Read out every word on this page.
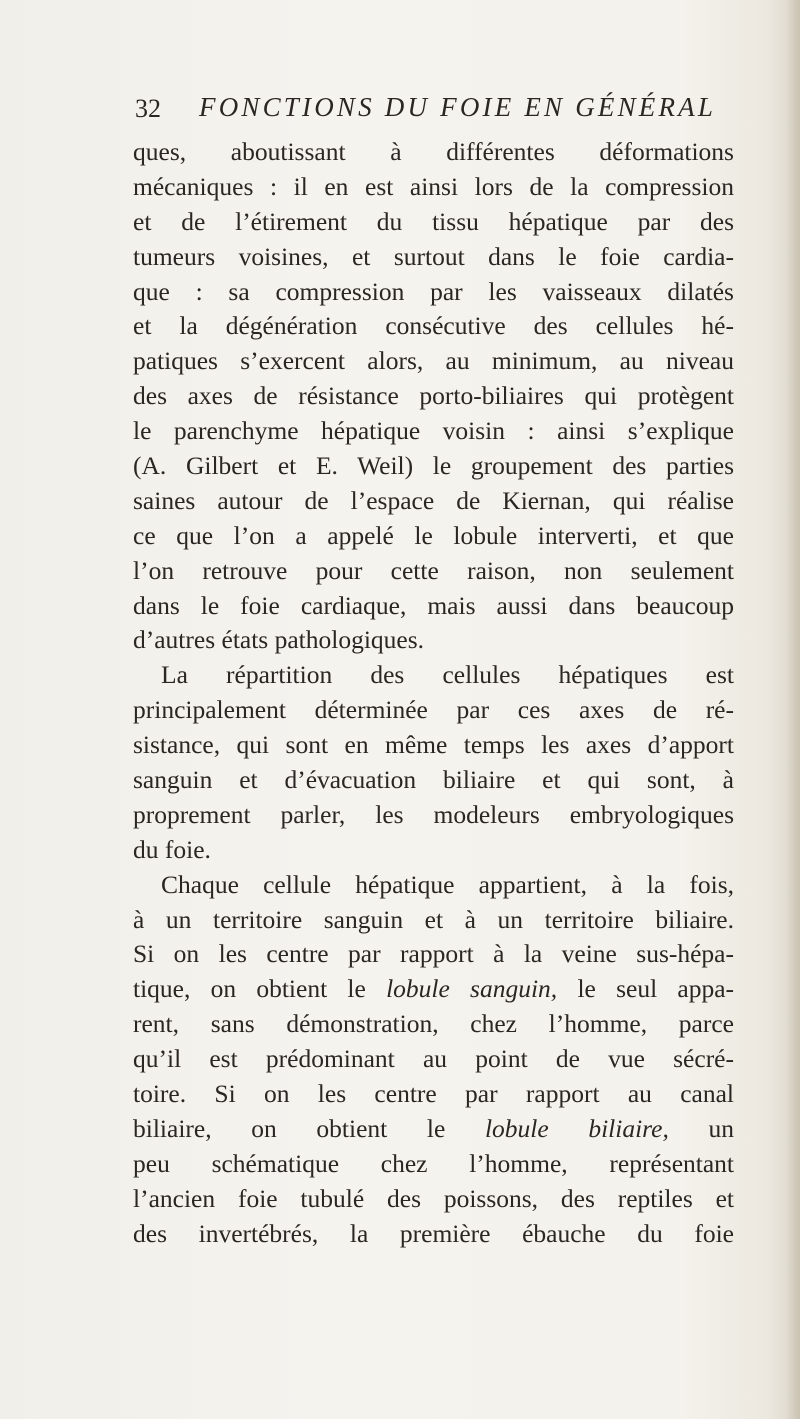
32 FONCTIONS DU FOIE EN GÉNÉRAL
ques, aboutissant à différentes déformations
mécaniques : il en est ainsi lors de la compression
et de l’étirement du tissu hépatique par des
tumeurs voisines, et surtout dans le foie cardia-
que : sa compression par les vaisseaux dilatés
et la dégénération consécutive des cellules hé-
patiques s’exercent alors, au minimum, au niveau
des axes de résistance porto-biliaires qui protègent
le parenchyme hépatique voisin : ainsi s’explique
(A. Gilbert et E. Weil) le groupement des parties
saines autour de l’espace de Kiernan, qui réalise
ce que l’on a appelé le lobule interverti, et que
l’on retrouve pour cette raison, non seulement
dans le foie cardiaque, mais aussi dans beaucoup
d’autres états pathologiques.
La répartition des cellules hépatiques est
principalement déterminée par ces axes de ré-
sistance, qui sont en même temps les axes d’apport
sanguin et d’évacuation biliaire et qui sont, à
proprement parler, les modeleurs embryologiques
du foie.
Chaque cellule hépatique appartient, à la fois,
à un territoire sanguin et à un territoire biliaire.
Si on les centre par rapport à la veine sus-hépa-
tique, on obtient le lobule sanguin, le seul appa-
rent, sans démonstration, chez l’homme, parce
qu’il est prédominant au point de vue sécré-
toire. Si on les centre par rapport au canal
biliaire, on obtient le lobule biliaire, un
peu schématique chez l’homme, représentant
l’ancien foie tubulé des poissons, des reptiles et
des invertébrés, la première ébauche du foie
